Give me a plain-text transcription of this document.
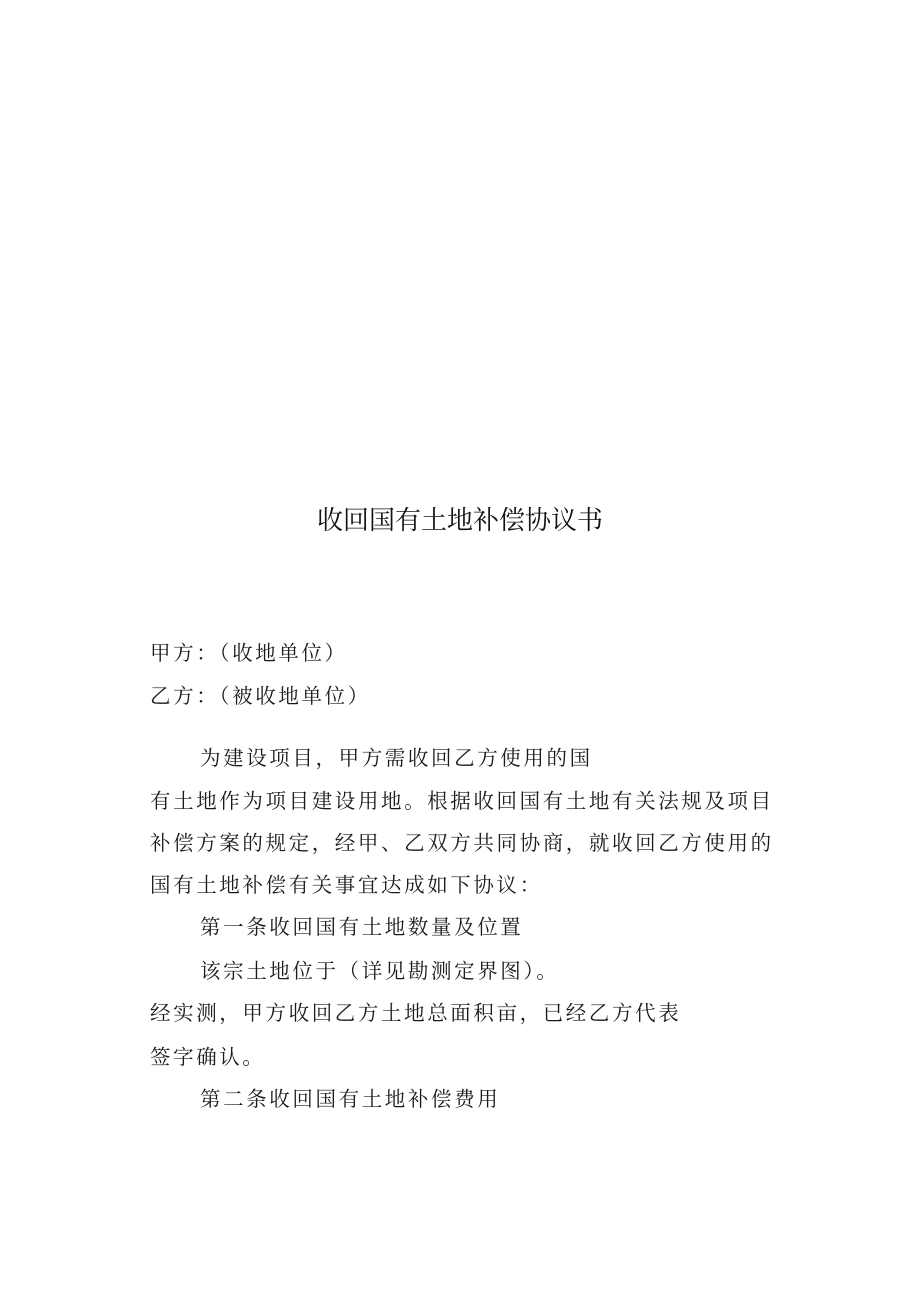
收回国有土地补偿协议书
甲方：（收地单位）
乙方：（被收地单位）
为建设项目，甲方需收回乙方使用的国
有土地作为项目建设用地。根据收回国有土地有关法规及项目
补偿方案的规定，经甲、乙双方共同协商，就收回乙方使用的
国有土地补偿有关事宜达成如下协议：
第一条收回国有土地数量及位置
该宗土地位于（详见勘测定界图）。
经实测，甲方收回乙方土地总面积亩，已经乙方代表
签字确认。
第二条收回国有土地补偿费用
